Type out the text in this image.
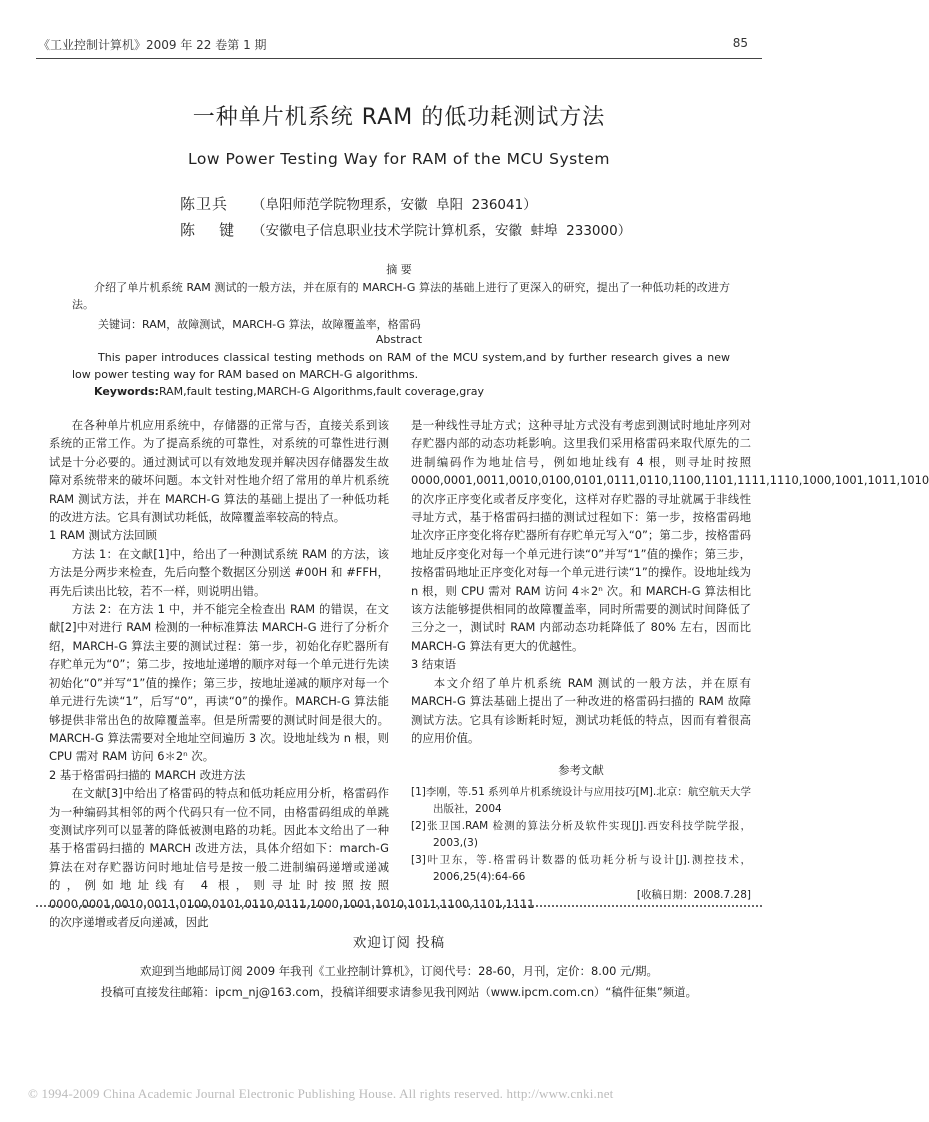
《工业控制计算机》2009 年 22 卷第 1 期	85
一种单片机系统 RAM 的低功耗测试方法
Low Power Testing Way for RAM of the MCU System
陈卫兵 （阜阳师范学院物理系，安徽  阜阳  236041）
陈    键 （安徽电子信息职业技术学院计算机系，安徽  蚌埠  233000）
摘 要
介绍了单片机系统 RAM 测试的一般方法，并在原有的 MARCH-G 算法的基础上进行了更深入的研究，提出了一种低功耗的改进方法。
关键词：RAM，故障测试，MARCH-G 算法，故障覆盖率，格雷码
Abstract
This paper introduces classical testing methods on RAM of the MCU system,and by further research gives a new low power testing way for RAM based on MARCH-G algorithms.
Keywords:RAM,fault testing,MARCH-G Algorithms,fault coverage,gray

在各种单片机应用系统中，存储器的正常与否，直接关系到该系统的正常工作。为了提高系统的可靠性，对系统的可靠性进行测试是十分必要的。通过测试可以有效地发现并解决因存储器发生故障对系统带来的破坏问题。本文针对性地介绍了常用的单片机系统 RAM 测试方法，并在 MARCH-G 算法的基础上提出了一种低功耗的改进方法。它具有测试功耗低，故障覆盖率较高的特点。

1 RAM 测试方法回顾

方法 1：在文献[1]中，给出了一种测试系统 RAM 的方法，该方法是分两步来检查，先后向整个数据区分别送 #00H 和 #FFH，再先后读出比较，若不一样，则说明出错。

方法 2：在方法 1 中，并不能完全检查出 RAM 的错误，在文献[2]中对进行 RAM 检测的一种标准算法 MARCH-G 进行了分析介绍，MARCH-G 算法主要的测试过程：第一步，初始化存贮器所有存贮单元为“0”；第二步，按地址递增的顺序对每一个单元进行先读初始化“0”并写“1”值的操作；第三步，按地址递减的顺序对每一个单元进行先读“1”，后写“0”，再读“0”的操作。MARCH-G 算法能够提供非常出色的故障覆盖率。但是所需要的测试时间是很大的。MARCH-G 算法需要对全地址空间遍历 3 次。设地址线为 n 根，则 CPU 需对 RAM 访问 6＊2ⁿ 次。

2 基于格雷码扫描的 MARCH 改进方法

在文献[3]中给出了格雷码的特点和低功耗应用分析，格雷码作为一种编码其相邻的两个代码只有一位不同，由格雷码组成的单跳变测试序列可以显著的降低被测电路的功耗。因此本文给出了一种基于格雷码扫描的 MARCH 改进方法，具体介绍如下：march-G 算法在对存贮器访问时地址信号是按一般二进制编码递增或递减的，例如地址线有 4 根，则寻址时按照按照 0000,0001,0010,0011,0100,0101,0110,0111,1000,1001,1010,1011,1100,1101,1111 的次序递增或者反向递减，因此

是一种线性寻址方式；这种寻址方式没有考虑到测试时地址序列对存贮器内部的动态功耗影响。这里我们采用格雷码来取代原先的二进制编码作为地址信号，例如地址线有 4 根，则寻址时按照 0000,0001,0011,0010,0100,0101,0111,0110,1100,1101,1111,1110,1000,1001,1011,1010 的次序正序变化或者反序变化，这样对存贮器的寻址就属于非线性寻址方式，基于格雷码扫描的测试过程如下：第一步，按格雷码地址次序正序变化将存贮器所有存贮单元写入“0”；第二步，按格雷码地址反序变化对每一个单元进行读“0”并写“1”值的操作；第三步，按格雷码地址正序变化对每一个单元进行读“1”的操作。设地址线为 n 根，则 CPU 需对 RAM 访问 4＊2ⁿ 次。和 MARCH-G 算法相比该方法能够提供相同的故障覆盖率，同时所需要的测试时间降低了三分之一，测试时 RAM 内部动态功耗降低了 80% 左右，因而比 MARCH-G 算法有更大的优越性。

3 结束语

本文介绍了单片机系统 RAM 测试的一般方法，并在原有 MARCH-G 算法基础上提出了一种改进的格雷码扫描的 RAM 故障测试方法。它具有诊断耗时短，测试功耗低的特点，因而有着很高的应用价值。

参考文献
[1]李刚，等.51 系列单片机系统设计与应用技巧[M].北京：航空航天大学出版社，2004
[2]张卫国.RAM 检测的算法分析及软件实现[J].西安科技学院学报，2003,(3)
[3]叶卫东，等.格雷码计数器的低功耗分析与设计[J].测控技术，2006,25(4):64-66
[收稿日期：2008.7.28]
欢迎订阅 投稿
欢迎到当地邮局订阅 2009 年我刊《工业控制计算机》，订阅代号：28-60，月刊，定价：8.00 元/期。
投稿可直接发往邮箱：ipcm_nj@163.com，投稿详细要求请参见我刊网站（www.ipcm.com.cn）“稿件征集”频道。
© 1994-2009 China Academic Journal Electronic Publishing House. All rights reserved. http://www.cnki.net
